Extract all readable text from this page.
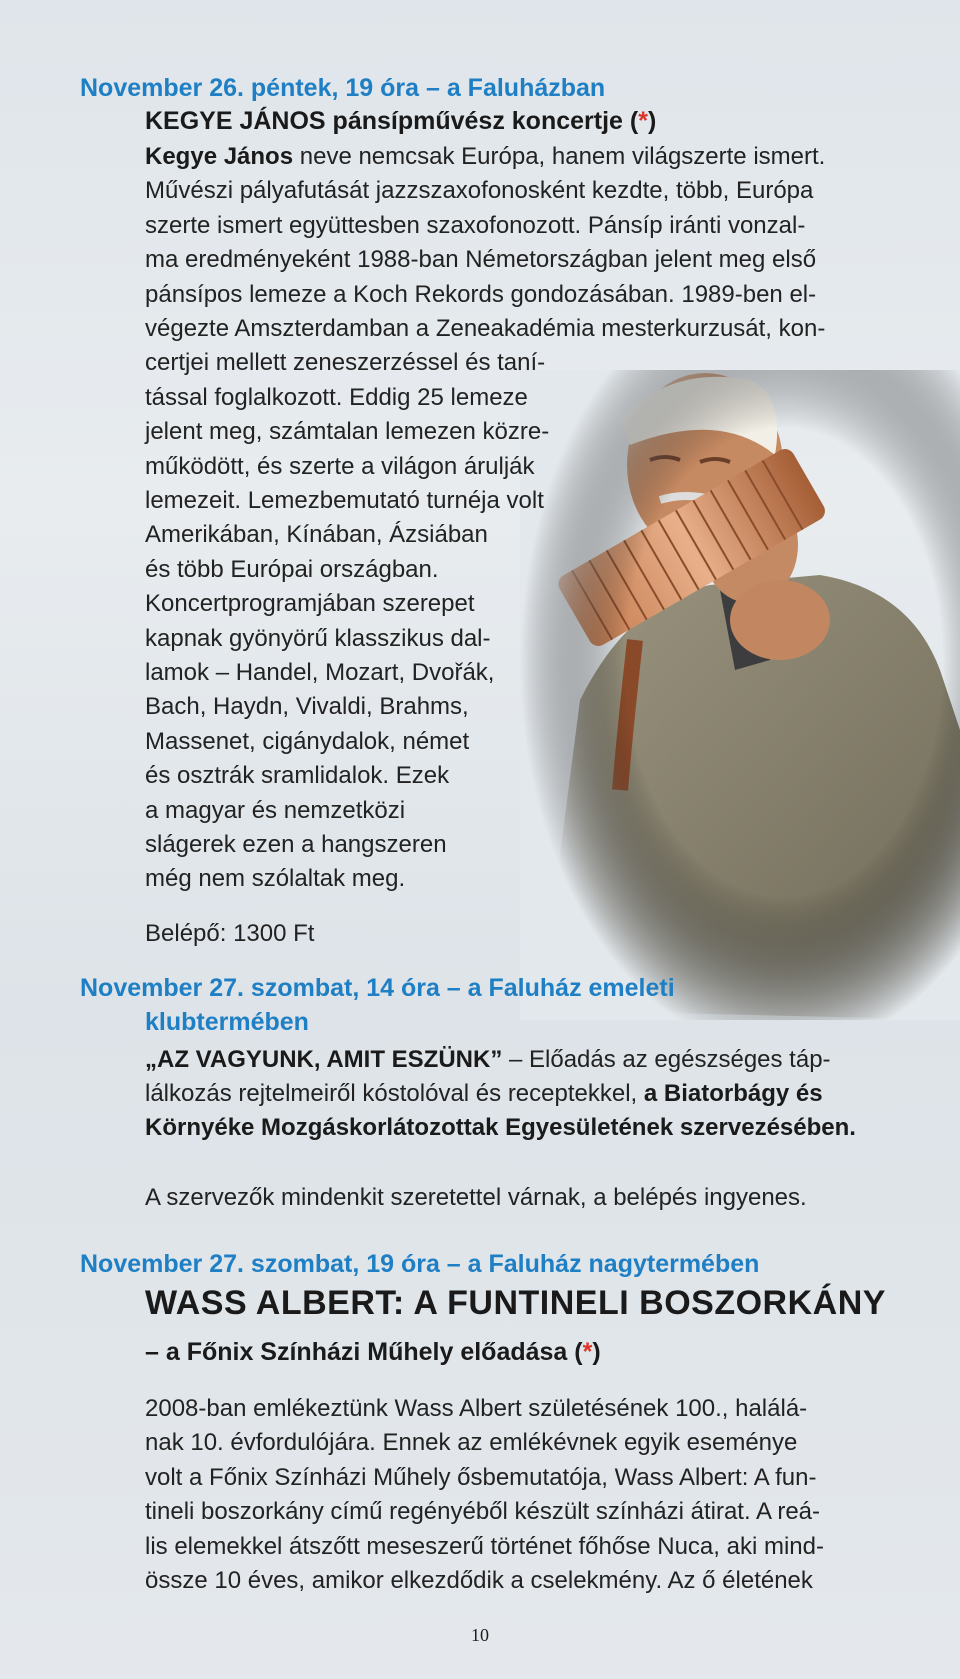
November 26. péntek, 19 óra – a Faluházban

KEGYE JÁNOS pánsípművész koncertje (*)

Kegye János neve nemcsak Európa, hanem világszerte ismert.

Művészi pályafutását jazzszaxofonosként kezdte, több, Európa

szerte ismert együttesben szaxofonozott. Pánsíp iránti vonzal-

ma eredményeként 1988-ban Németországban jelent meg első

pánsípos lemeze a Koch Rekords gondozásában. 1989-ben el-

végezte Amszterdamban a Zeneakadémia mesterkurzusát, kon-

certjei mellett zeneszerzéssel és taní-

tással foglalkozott. Eddig 25 lemeze

jelent meg, számtalan lemezen közre-

működött, és szerte a világon árulják

lemezeit. Lemezbemutató turnéja volt

Amerikában, Kínában, Ázsiában

és több Európai országban.

Koncertprogramjában szerepet

kapnak gyönyörű klasszikus dal-

lamok – Handel, Mozart, Dvořák,

Bach, Haydn, Vivaldi, Brahms,

Massenet, cigánydalok, német

és osztrák sramlidalok. Ezek

a magyar és nemzetközi

slágerek ezen a hangszeren

még nem szólaltak meg.

Belépő: 1300 Ft

November 27. szombat, 14 óra – a Faluház emeleti

klubtermében

„AZ VAGYUNK, AMIT ESZÜNK” – Előadás az egészséges táp-

lálkozás rejtelmeiről kóstolóval és receptekkel, a Biatorbágy és

Környéke Mozgáskorlátozottak Egyesületének szervezésében.

A szervezők mindenkit szeretettel várnak, a belépés ingyenes.

November 27. szombat, 19 óra – a Faluház nagytermében

WASS ALBERT: A FUNTINELI BOSZORKÁNY

– a Főnix Színházi Műhely előadása (*)

2008-ban emlékeztünk Wass Albert születésének 100., halálá-

nak 10. évfordulójára. Ennek az emlékévnek egyik eseménye

volt a Főnix Színházi Műhely ősbemutatója, Wass Albert: A fun-

tineli boszorkány című regényéből készült színházi átirat. A reá-

lis elemekkel átszőtt meseszerű történet főhőse Nuca, aki mind-

össze 10 éves, amikor elkezdődik a cselekmény. Az ő életének

10
